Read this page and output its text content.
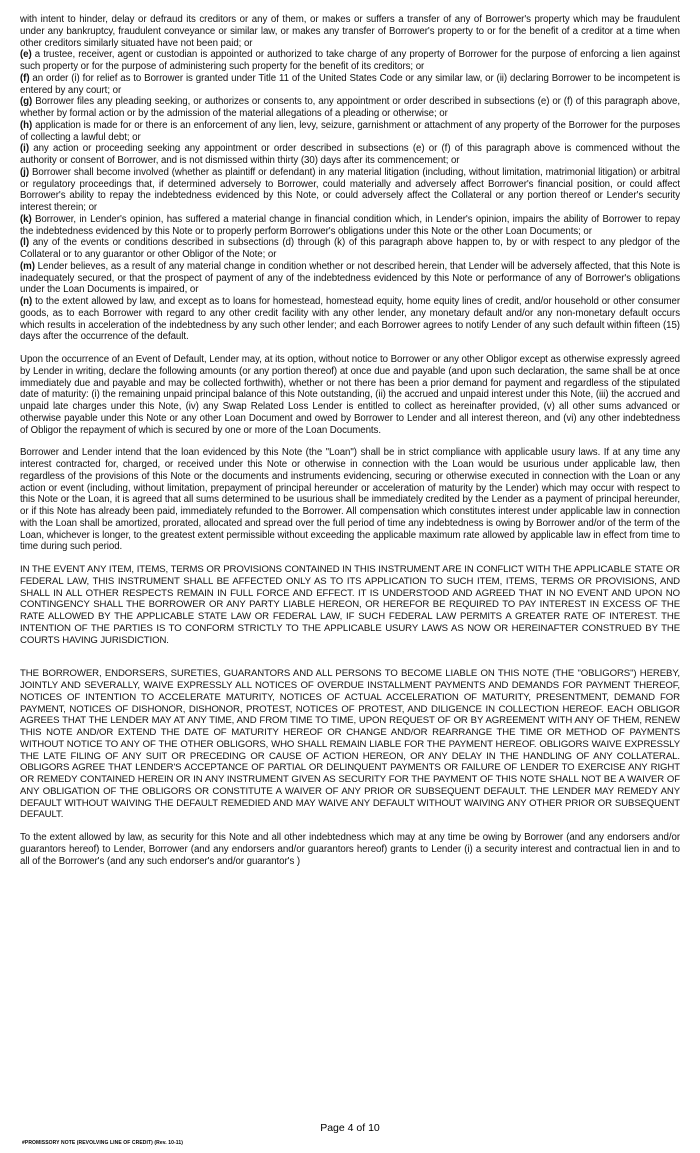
with intent to hinder, delay or defraud its creditors or any of them, or makes or suffers a transfer of any of Borrower's property which may be fraudulent under any bankruptcy, fraudulent conveyance or similar law, or makes any transfer of Borrower's property to or for the benefit of a creditor at a time when other creditors similarly situated have not been paid; or

(e) a trustee, receiver, agent or custodian is appointed or authorized to take charge of any property of Borrower for the purpose of enforcing a lien against such property or for the purpose of administering such property for the benefit of its creditors; or

(f) an order (i) for relief as to Borrower is granted under Title 11 of the United States Code or any similar law, or (ii) declaring Borrower to be incompetent is entered by any court; or

(g) Borrower files any pleading seeking, or authorizes or consents to, any appointment or order described in subsections (e) or (f) of this paragraph above, whether by formal action or by the admission of the material allegations of a pleading or otherwise; or

(h) application is made for or there is an enforcement of any lien, levy, seizure, garnishment or attachment of any property of the Borrower for the purposes of collecting a lawful debt; or

(i) any action or proceeding seeking any appointment or order described in subsections (e) or (f) of this paragraph above is commenced without the authority or consent of Borrower, and is not dismissed within thirty (30) days after its commencement; or

(j) Borrower shall become involved (whether as plaintiff or defendant) in any material litigation (including, without limitation, matrimonial litigation) or arbitral or regulatory proceedings that, if determined adversely to Borrower, could materially and adversely affect Borrower's financial position, or could affect Borrower's ability to repay the indebtedness evidenced by this Note, or could adversely affect the Collateral or any portion thereof or Lender's security interest therein; or

(k) Borrower, in Lender's opinion, has suffered a material change in financial condition which, in Lender's opinion, impairs the ability of Borrower to repay the indebtedness evidenced by this Note or to properly perform Borrower's obligations under this Note or the other Loan Documents; or

(l) any of the events or conditions described in subsections (d) through (k) of this paragraph above happen to, by or with respect to any pledgor of the Collateral or to any guarantor or other Obligor of the Note; or

(m) Lender believes, as a result of any material change in condition whether or not described herein, that Lender will be adversely affected, that this Note is inadequately secured, or that the prospect of payment of any of the indebtedness evidenced by this Note or performance of any of Borrower's obligations under the Loan Documents is impaired, or

(n) to the extent allowed by law, and except as to loans for homestead, homestead equity, home equity lines of credit, and/or household or other consumer goods, as to each Borrower with regard to any other credit facility with any other lender, any monetary default and/or any non-monetary default occurs which results in acceleration of the indebtedness by any such other lender; and each Borrower agrees to notify Lender of any such default within fifteen (15) days after the occurrence of the default.

Upon the occurrence of an Event of Default, Lender may, at its option, without notice to Borrower or any other Obligor except as otherwise expressly agreed by Lender in writing, declare the following amounts (or any portion thereof) at once due and payable (and upon such declaration, the same shall be at once immediately due and payable and may be collected forthwith), whether or not there has been a prior demand for payment and regardless of the stipulated date of maturity: (i) the remaining unpaid principal balance of this Note outstanding, (ii) the accrued and unpaid interest under this Note, (iii) the accrued and unpaid late charges under this Note, (iv) any Swap Related Loss Lender is entitled to collect as hereinafter provided, (v) all other sums advanced or otherwise payable under this Note or any other Loan Document and owed by Borrower to Lender and all interest thereon, and (vi) any other indebtedness of Obligor the repayment of which is secured by one or more of the Loan Documents.

Borrower and Lender intend that the loan evidenced by this Note (the "Loan") shall be in strict compliance with applicable usury laws. If at any time any interest contracted for, charged, or received under this Note or otherwise in connection with the Loan would be usurious under applicable law, then regardless of the provisions of this Note or the documents and instruments evidencing, securing or otherwise executed in connection with the Loan or any action or event (including, without limitation, prepayment of principal hereunder or acceleration of maturity by the Lender) which may occur with respect to this Note or the Loan, it is agreed that all sums determined to be usurious shall be immediately credited by the Lender as a payment of principal hereunder, or if this Note has already been paid, immediately refunded to the Borrower. All compensation which constitutes interest under applicable law in connection with the Loan shall be amortized, prorated, allocated and spread over the full period of time any indebtedness is owing by Borrower and/or of the term of the Loan, whichever is longer, to the greatest extent permissible without exceeding the applicable maximum rate allowed by applicable law in effect from time to time during such period.

IN THE EVENT ANY ITEM, ITEMS, TERMS OR PROVISIONS CONTAINED IN THIS INSTRUMENT ARE IN CONFLICT WITH THE APPLICABLE STATE OR FEDERAL LAW, THIS INSTRUMENT SHALL BE AFFECTED ONLY AS TO ITS APPLICATION TO SUCH ITEM, ITEMS, TERMS OR PROVISIONS, AND SHALL IN ALL OTHER RESPECTS REMAIN IN FULL FORCE AND EFFECT. IT IS UNDERSTOOD AND AGREED THAT IN NO EVENT AND UPON NO CONTINGENCY SHALL THE BORROWER OR ANY PARTY LIABLE HEREON, OR HEREFOR BE REQUIRED TO PAY INTEREST IN EXCESS OF THE RATE ALLOWED BY THE APPLICABLE STATE LAW OR FEDERAL LAW, IF SUCH FEDERAL LAW PERMITS A GREATER RATE OF INTEREST. THE INTENTION OF THE PARTIES IS TO CONFORM STRICTLY TO THE APPLICABLE USURY LAWS AS NOW OR HEREINAFTER CONSTRUED BY THE COURTS HAVING JURISDICTION.

THE BORROWER, ENDORSERS, SURETIES, GUARANTORS AND ALL PERSONS TO BECOME LIABLE ON THIS NOTE (THE "OBLIGORS") HEREBY, JOINTLY AND SEVERALLY, WAIVE EXPRESSLY ALL NOTICES OF OVERDUE INSTALLMENT PAYMENTS AND DEMANDS FOR PAYMENT THEREOF, NOTICES OF INTENTION TO ACCELERATE MATURITY, NOTICES OF ACTUAL ACCELERATION OF MATURITY, PRESENTMENT, DEMAND FOR PAYMENT, NOTICES OF DISHONOR, DISHONOR, PROTEST, NOTICES OF PROTEST, AND DILIGENCE IN COLLECTION HEREOF. EACH OBLIGOR AGREES THAT THE LENDER MAY AT ANY TIME, AND FROM TIME TO TIME, UPON REQUEST OF OR BY AGREEMENT WITH ANY OF THEM, RENEW THIS NOTE AND/OR EXTEND THE DATE OF MATURITY HEREOF OR CHANGE AND/OR REARRANGE THE TIME OR METHOD OF PAYMENTS WITHOUT NOTICE TO ANY OF THE OTHER OBLIGORS, WHO SHALL REMAIN LIABLE FOR THE PAYMENT HEREOF. OBLIGORS WAIVE EXPRESSLY THE LATE FILING OF ANY SUIT OR PRECEDING OR CAUSE OF ACTION HEREON, OR ANY DELAY IN THE HANDLING OF ANY COLLATERAL. OBLIGORS AGREE THAT LENDER'S ACCEPTANCE OF PARTIAL OR DELINQUENT PAYMENTS OR FAILURE OF LENDER TO EXERCISE ANY RIGHT OR REMEDY CONTAINED HEREIN OR IN ANY INSTRUMENT GIVEN AS SECURITY FOR THE PAYMENT OF THIS NOTE SHALL NOT BE A WAIVER OF ANY OBLIGATION OF THE OBLIGORS OR CONSTITUTE A WAIVER OF ANY PRIOR OR SUBSEQUENT DEFAULT. THE LENDER MAY REMEDY ANY DEFAULT WITHOUT WAIVING THE DEFAULT REMEDIED AND MAY WAIVE ANY DEFAULT WITHOUT WAIVING ANY OTHER PRIOR OR SUBSEQUENT DEFAULT.

To the extent allowed by law, as security for this Note and all other indebtedness which may at any time be owing by Borrower (and any endorsers and/or guarantors hereof) to Lender, Borrower (and any endorsers and/or guarantors hereof) grants to Lender (i) a security interest and contractual lien in and to all of the Borrower's (and any such endorser's and/or guarantor's )

Page 4 of 10
#PROMISSORY NOTE (REVOLVING LINE OF CREDIT) (Rev. 10-11)
